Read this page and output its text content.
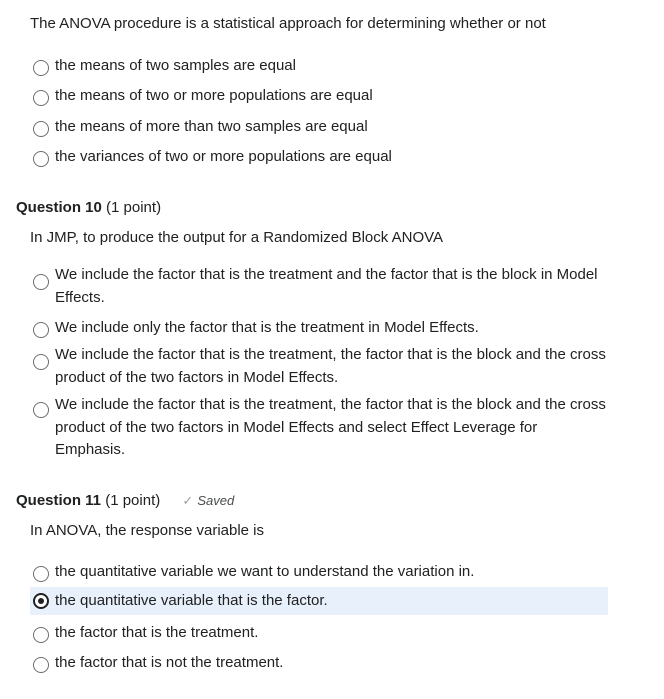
The ANOVA procedure is a statistical approach for determining whether or not
the means of two samples are equal
the means of two or more populations are equal
the means of more than two samples are equal
the variances of two or more populations are equal
Question 10 (1 point)
In JMP, to produce the output for a Randomized Block ANOVA
We include the factor that is the treatment and the factor that is the block in Model Effects.
We include only the factor that is the treatment in Model Effects.
We include the factor that is the treatment, the factor that is the block and the cross product of the two factors in Model Effects.
We include the factor that is the treatment, the factor that is the block and the cross product of the two factors in Model Effects and select Effect Leverage for Emphasis.
Question 11 (1 point) ✓ Saved
In ANOVA, the response variable is
the quantitative variable we want to understand the variation in.
the quantitative variable that is the factor.
the factor that is the treatment.
the factor that is not the treatment.
